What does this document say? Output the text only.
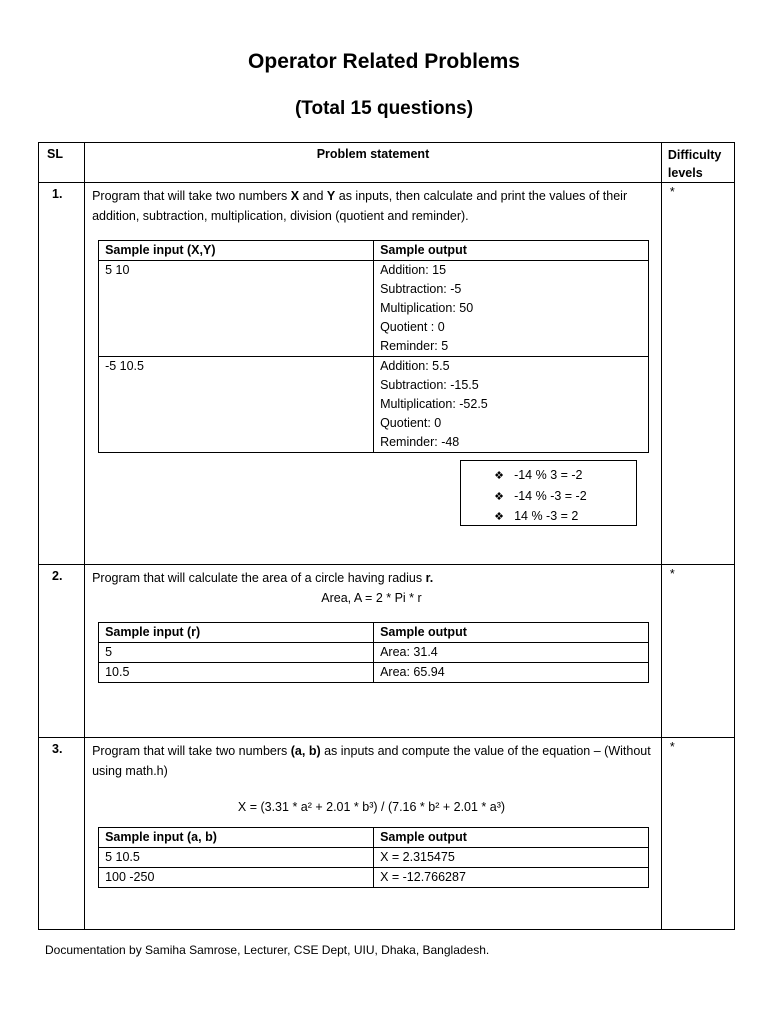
Operator Related Problems
(Total 15 questions)
SL	Problem statement	Difficulty
levels

1.	Program that will take two numbers X and Y as inputs, then calculate and print the values of their addition, subtraction, multiplication, division (quotient and reminder).
Sample input (X,Y)	Sample output
5 10	Addition: 15
Subtraction: -5
Multiplication: 50
Quotient : 0
Reminder: 5

-5 10.5	Addition: 5.5
Subtraction: -15.5
Multiplication: -52.5
Quotient: 0
Reminder: -48
❖ -14 % 3 = -2
❖ -14 % -3 = -2
❖ 14 % -3 = 2
	*
2.	Program that will calculate the area of a circle having radius r.
Area, A = 2 * Pi * r
Sample input (r)	Sample output
5	Area: 31.4
10.5	Area: 65.94
	*
3.	Program that will take two numbers (a, b) as inputs and compute the value of the equation – (Without using math.h)
X = (3.31 * a² + 2.01 * b³) / (7.16 * b² + 2.01 * a³)
Sample input (a, b)	Sample output
5 10.5	X = 2.315475
100 -250	X = -12.766287
	*
Documentation by Samiha Samrose, Lecturer, CSE Dept, UIU, Dhaka, Bangladesh.
